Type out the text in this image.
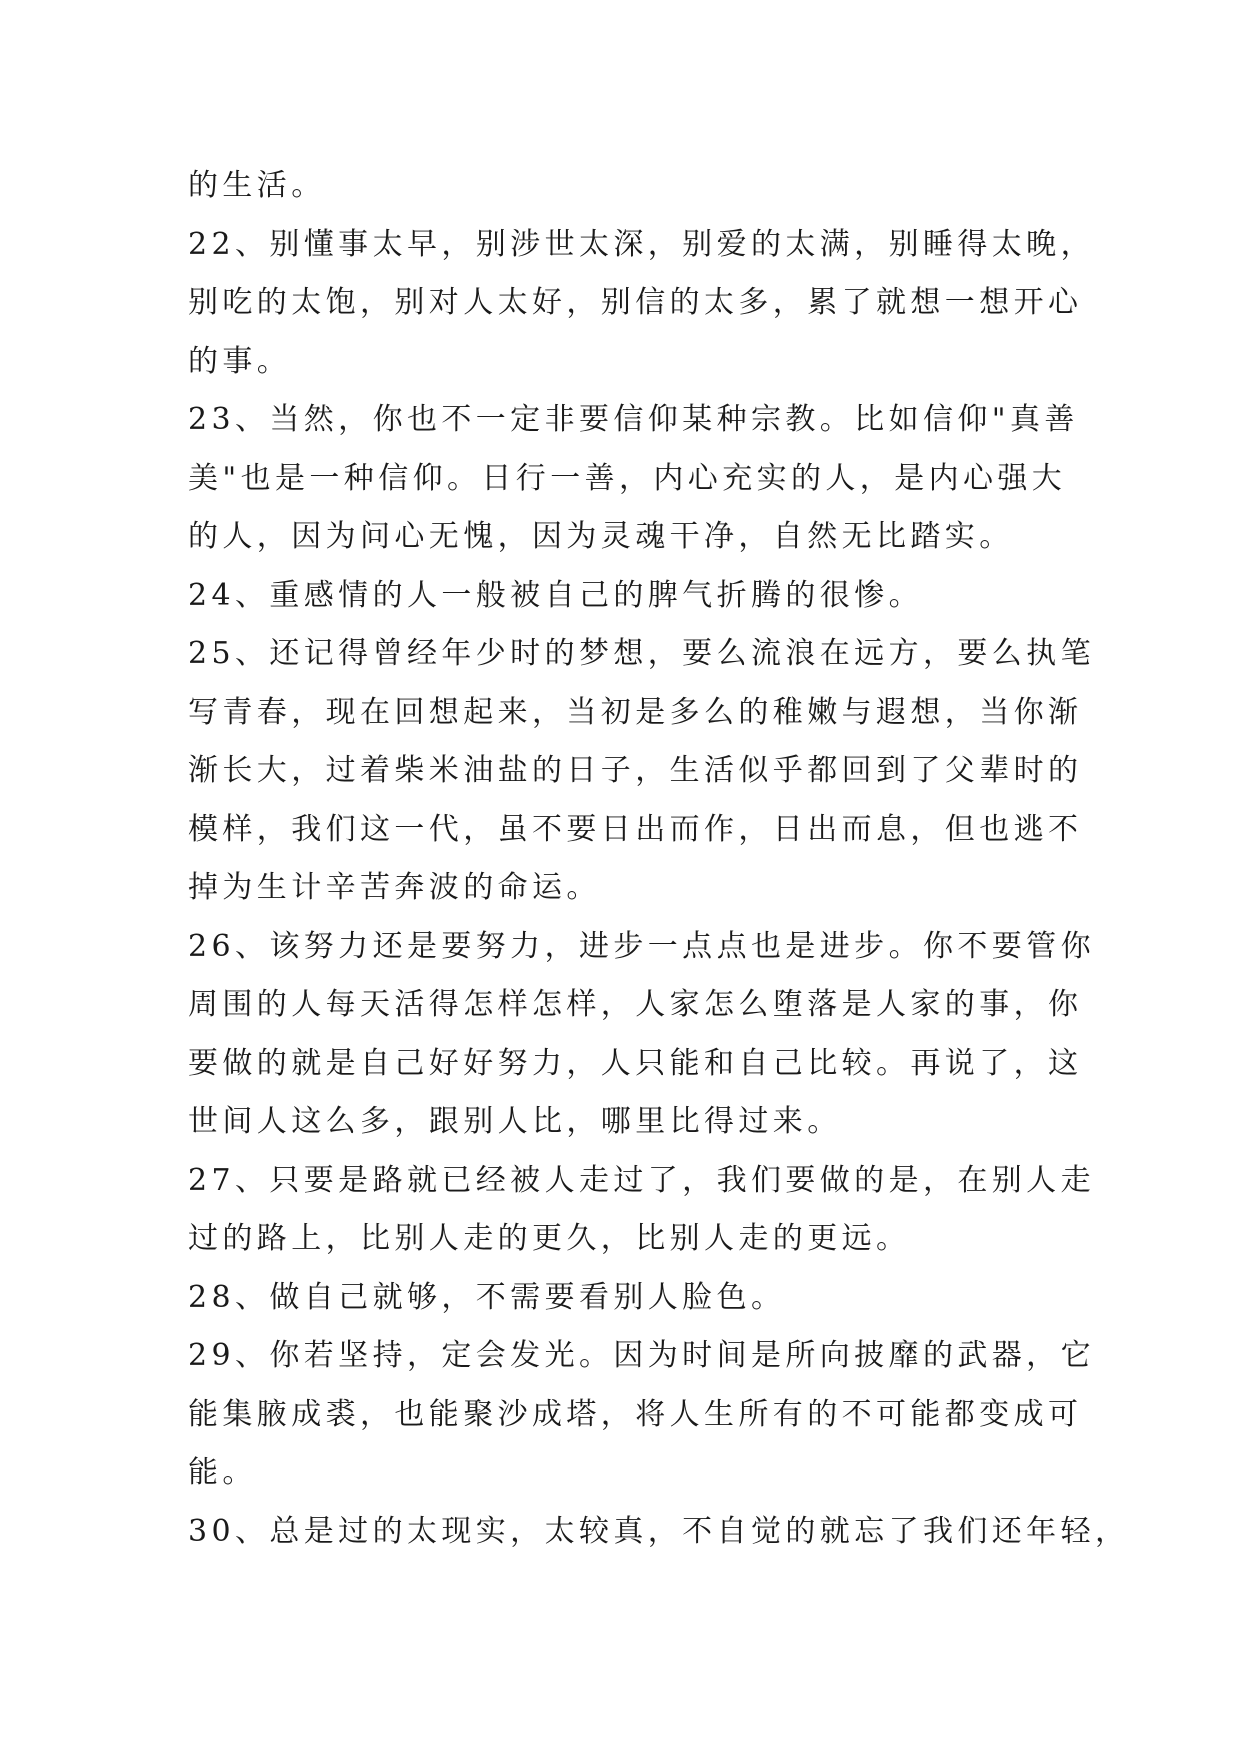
的生活。
22、别懂事太早，别涉世太深，别爱的太满，别睡得太晚，
别吃的太饱，别对人太好，别信的太多，累了就想一想开心
的事。
23、当然，你也不一定非要信仰某种宗教。比如信仰"真善
美"也是一种信仰。日行一善，内心充实的人，是内心强大
的人，因为问心无愧，因为灵魂干净，自然无比踏实。
24、重感情的人一般被自己的脾气折腾的很惨。
25、还记得曾经年少时的梦想，要么流浪在远方，要么执笔
写青春，现在回想起来，当初是多么的稚嫩与遐想，当你渐
渐长大，过着柴米油盐的日子，生活似乎都回到了父辈时的
模样，我们这一代，虽不要日出而作，日出而息，但也逃不
掉为生计辛苦奔波的命运。
26、该努力还是要努力，进步一点点也是进步。你不要管你
周围的人每天活得怎样怎样，人家怎么堕落是人家的事，你
要做的就是自己好好努力，人只能和自己比较。再说了，这
世间人这么多，跟别人比，哪里比得过来。
27、只要是路就已经被人走过了，我们要做的是，在别人走
过的路上，比别人走的更久，比别人走的更远。
28、做自己就够，不需要看别人脸色。
29、你若坚持，定会发光。因为时间是所向披靡的武器，它
能集腋成裘，也能聚沙成塔，将人生所有的不可能都变成可
能。
30、总是过的太现实，太较真，不自觉的就忘了我们还年轻，
